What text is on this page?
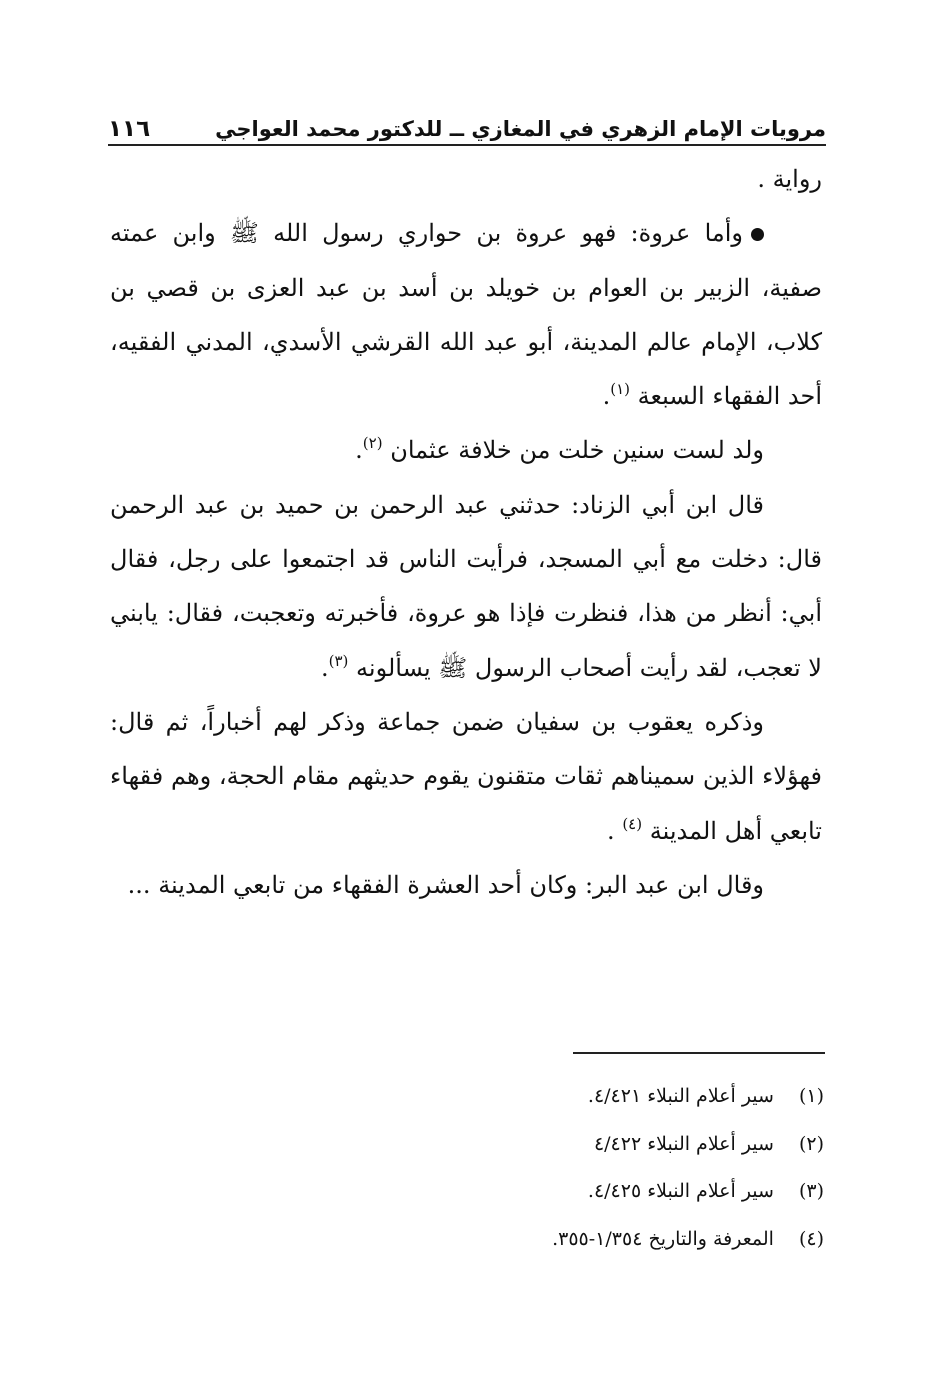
مرويات الإمام الزهري في المغازي ــ للدكتور محمد العواجي
١١٦

رواية .

وأما عروة: فهو عروة بن حواري رسول الله ﷺ وابن عمته صفية، الزبير بن العوام بن خويلد بن أسد بن عبد العزى بن قصي بن كلاب، الإمام عالم المدينة، أبو عبد الله القرشي الأسدي، المدني الفقيه، أحد الفقهاء السبعة $^{(١)}$.

ولد لست سنين خلت من خلافة عثمان $^{(٢)}$.

قال ابن أبي الزناد: حدثني عبد الرحمن بن حميد بن عبد الرحمن قال: دخلت مع أبي المسجد، فرأيت الناس قد اجتمعوا على رجل، فقال أبي: أنظر من هذا، فنظرت فإذا هو عروة، فأخبرته وتعجبت، فقال: يابني لا تعجب، لقد رأيت أصحاب الرسول ﷺ يسألونه $^{(٣)}$.

وذكره يعقوب بن سفيان ضمن جماعة وذكر لهم أخباراً، ثم قال: فهؤلاء الذين سميناهم ثقات متقنون يقوم حديثهم مقام الحجة، وهم فقهاء تابعي أهل المدينة $^{(٤)}$ .

وقال ابن عبد البر: وكان أحد العشرة الفقهاء من تابعي المدينة ...

(١) سير أعلام النبلاء ٤/٤٢١.
(٢) سير أعلام النبلاء ٤/٤٢٢
(٣) سير أعلام النبلاء ٤/٤٢٥.
(٤) المعرفة والتاريخ ١/٣٥٤-٣٥٥.
